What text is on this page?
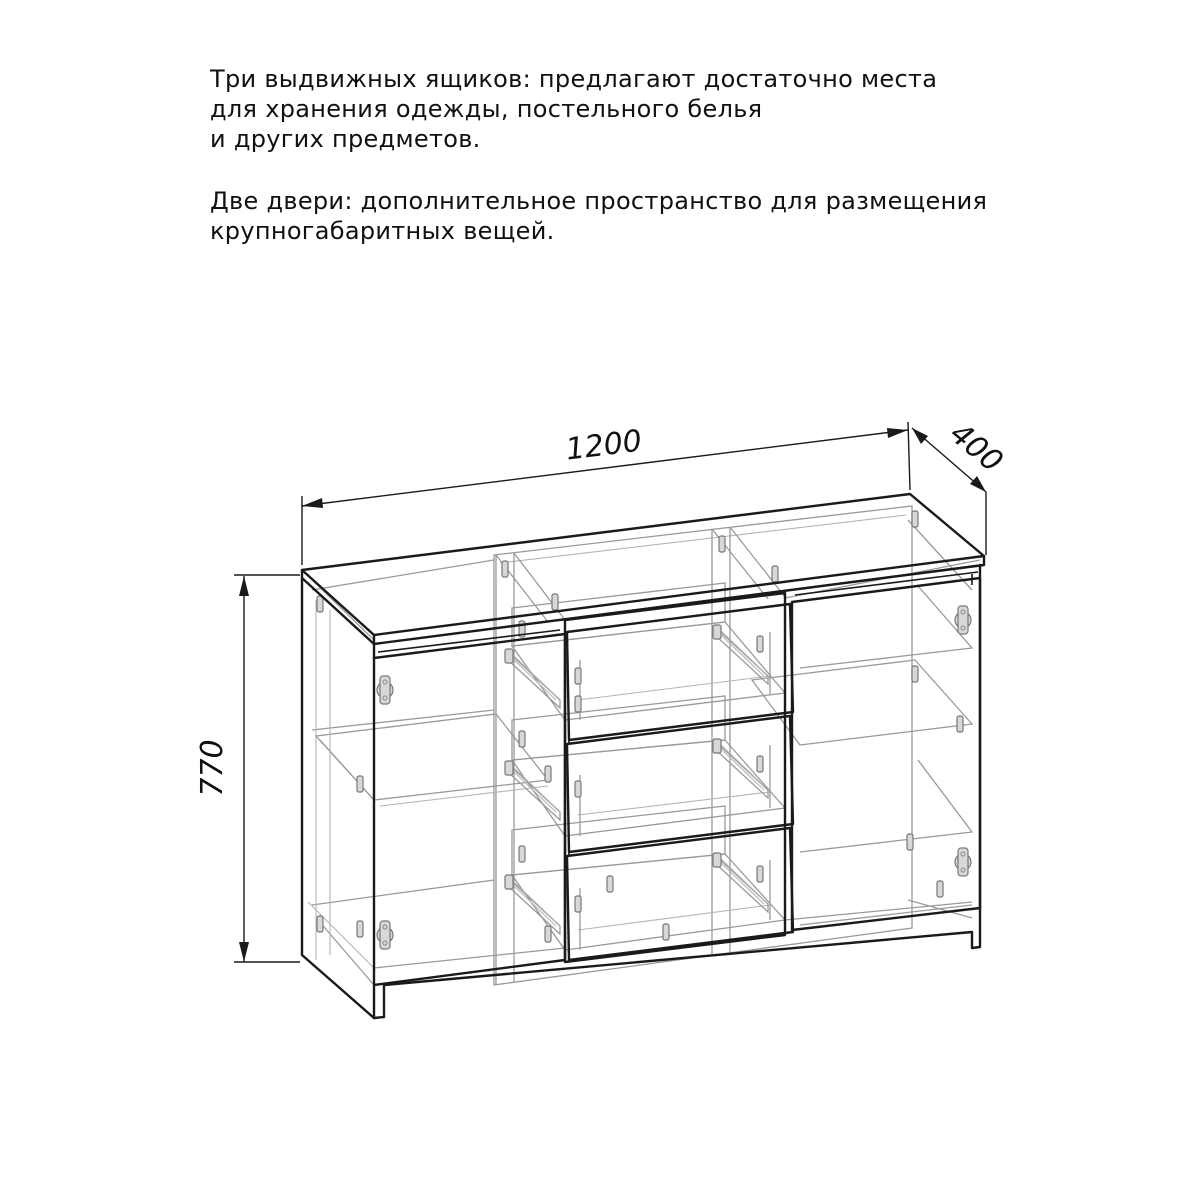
Три выдвижных ящиков: предлагают достаточно места
для хранения одежды, постельного белья
и других предметов.
Две двери: дополнительное пространство для размещения
крупногабаритных вещей.
1200	400
770
